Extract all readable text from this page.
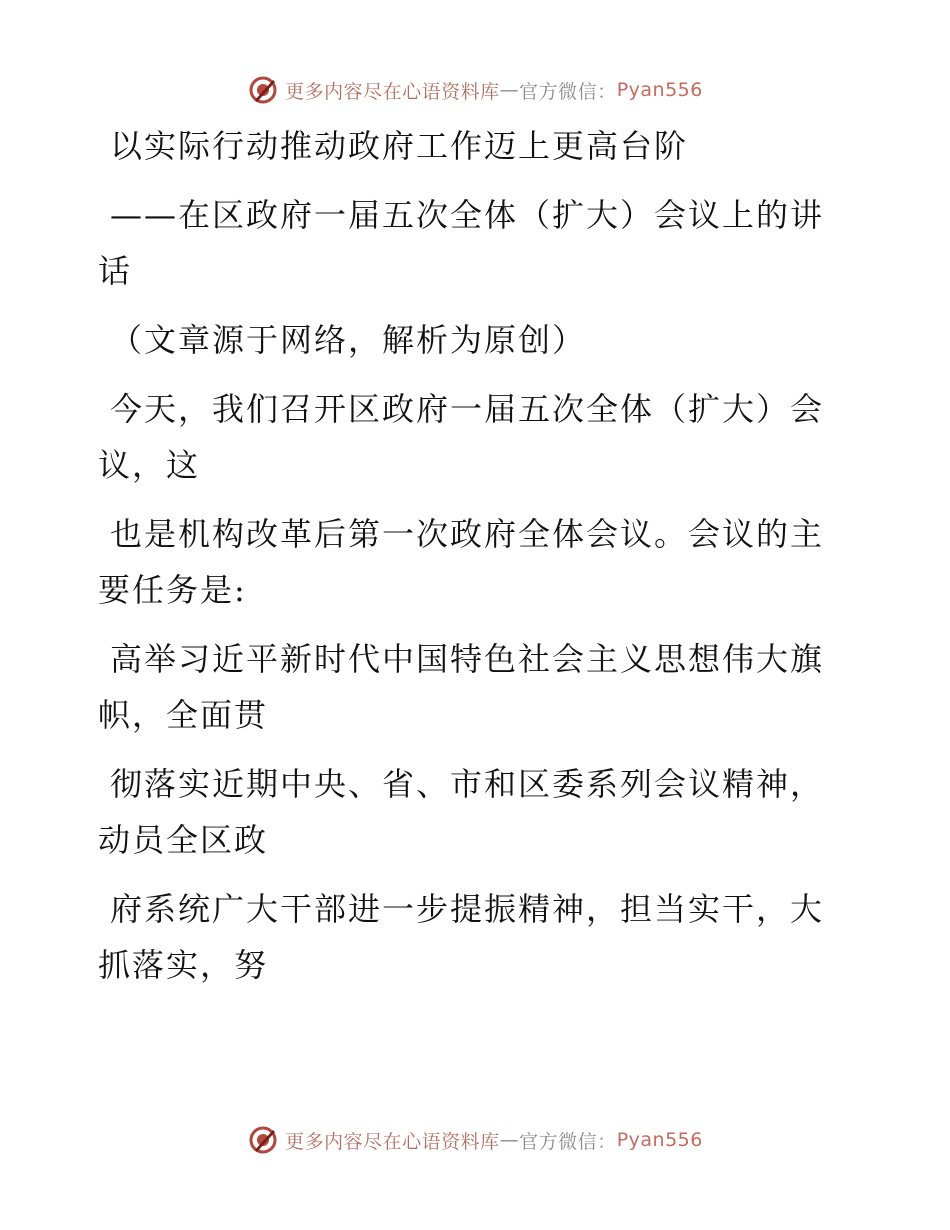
更多内容尽在心语资料库 — 官方微信： Pyan556
以实际行动推动政府工作迈上更高台阶
——在区政府一届五次全体（扩大）会议上的讲
话
（文章源于网络，解析为原创）
今天，我们召开区政府一届五次全体（扩大）会
议，这
也是机构改革后第一次政府全体会议。会议的主
要任务是:
高举习近平新时代中国特色社会主义思想伟大旗
帜，全面贯
彻落实近期中央、省、市和区委系列会议精神，
动员全区政
府系统广大干部进一步提振精神，担当实干，大
抓落实，努
更多内容尽在心语资料库 — 官方微信： Pyan556
